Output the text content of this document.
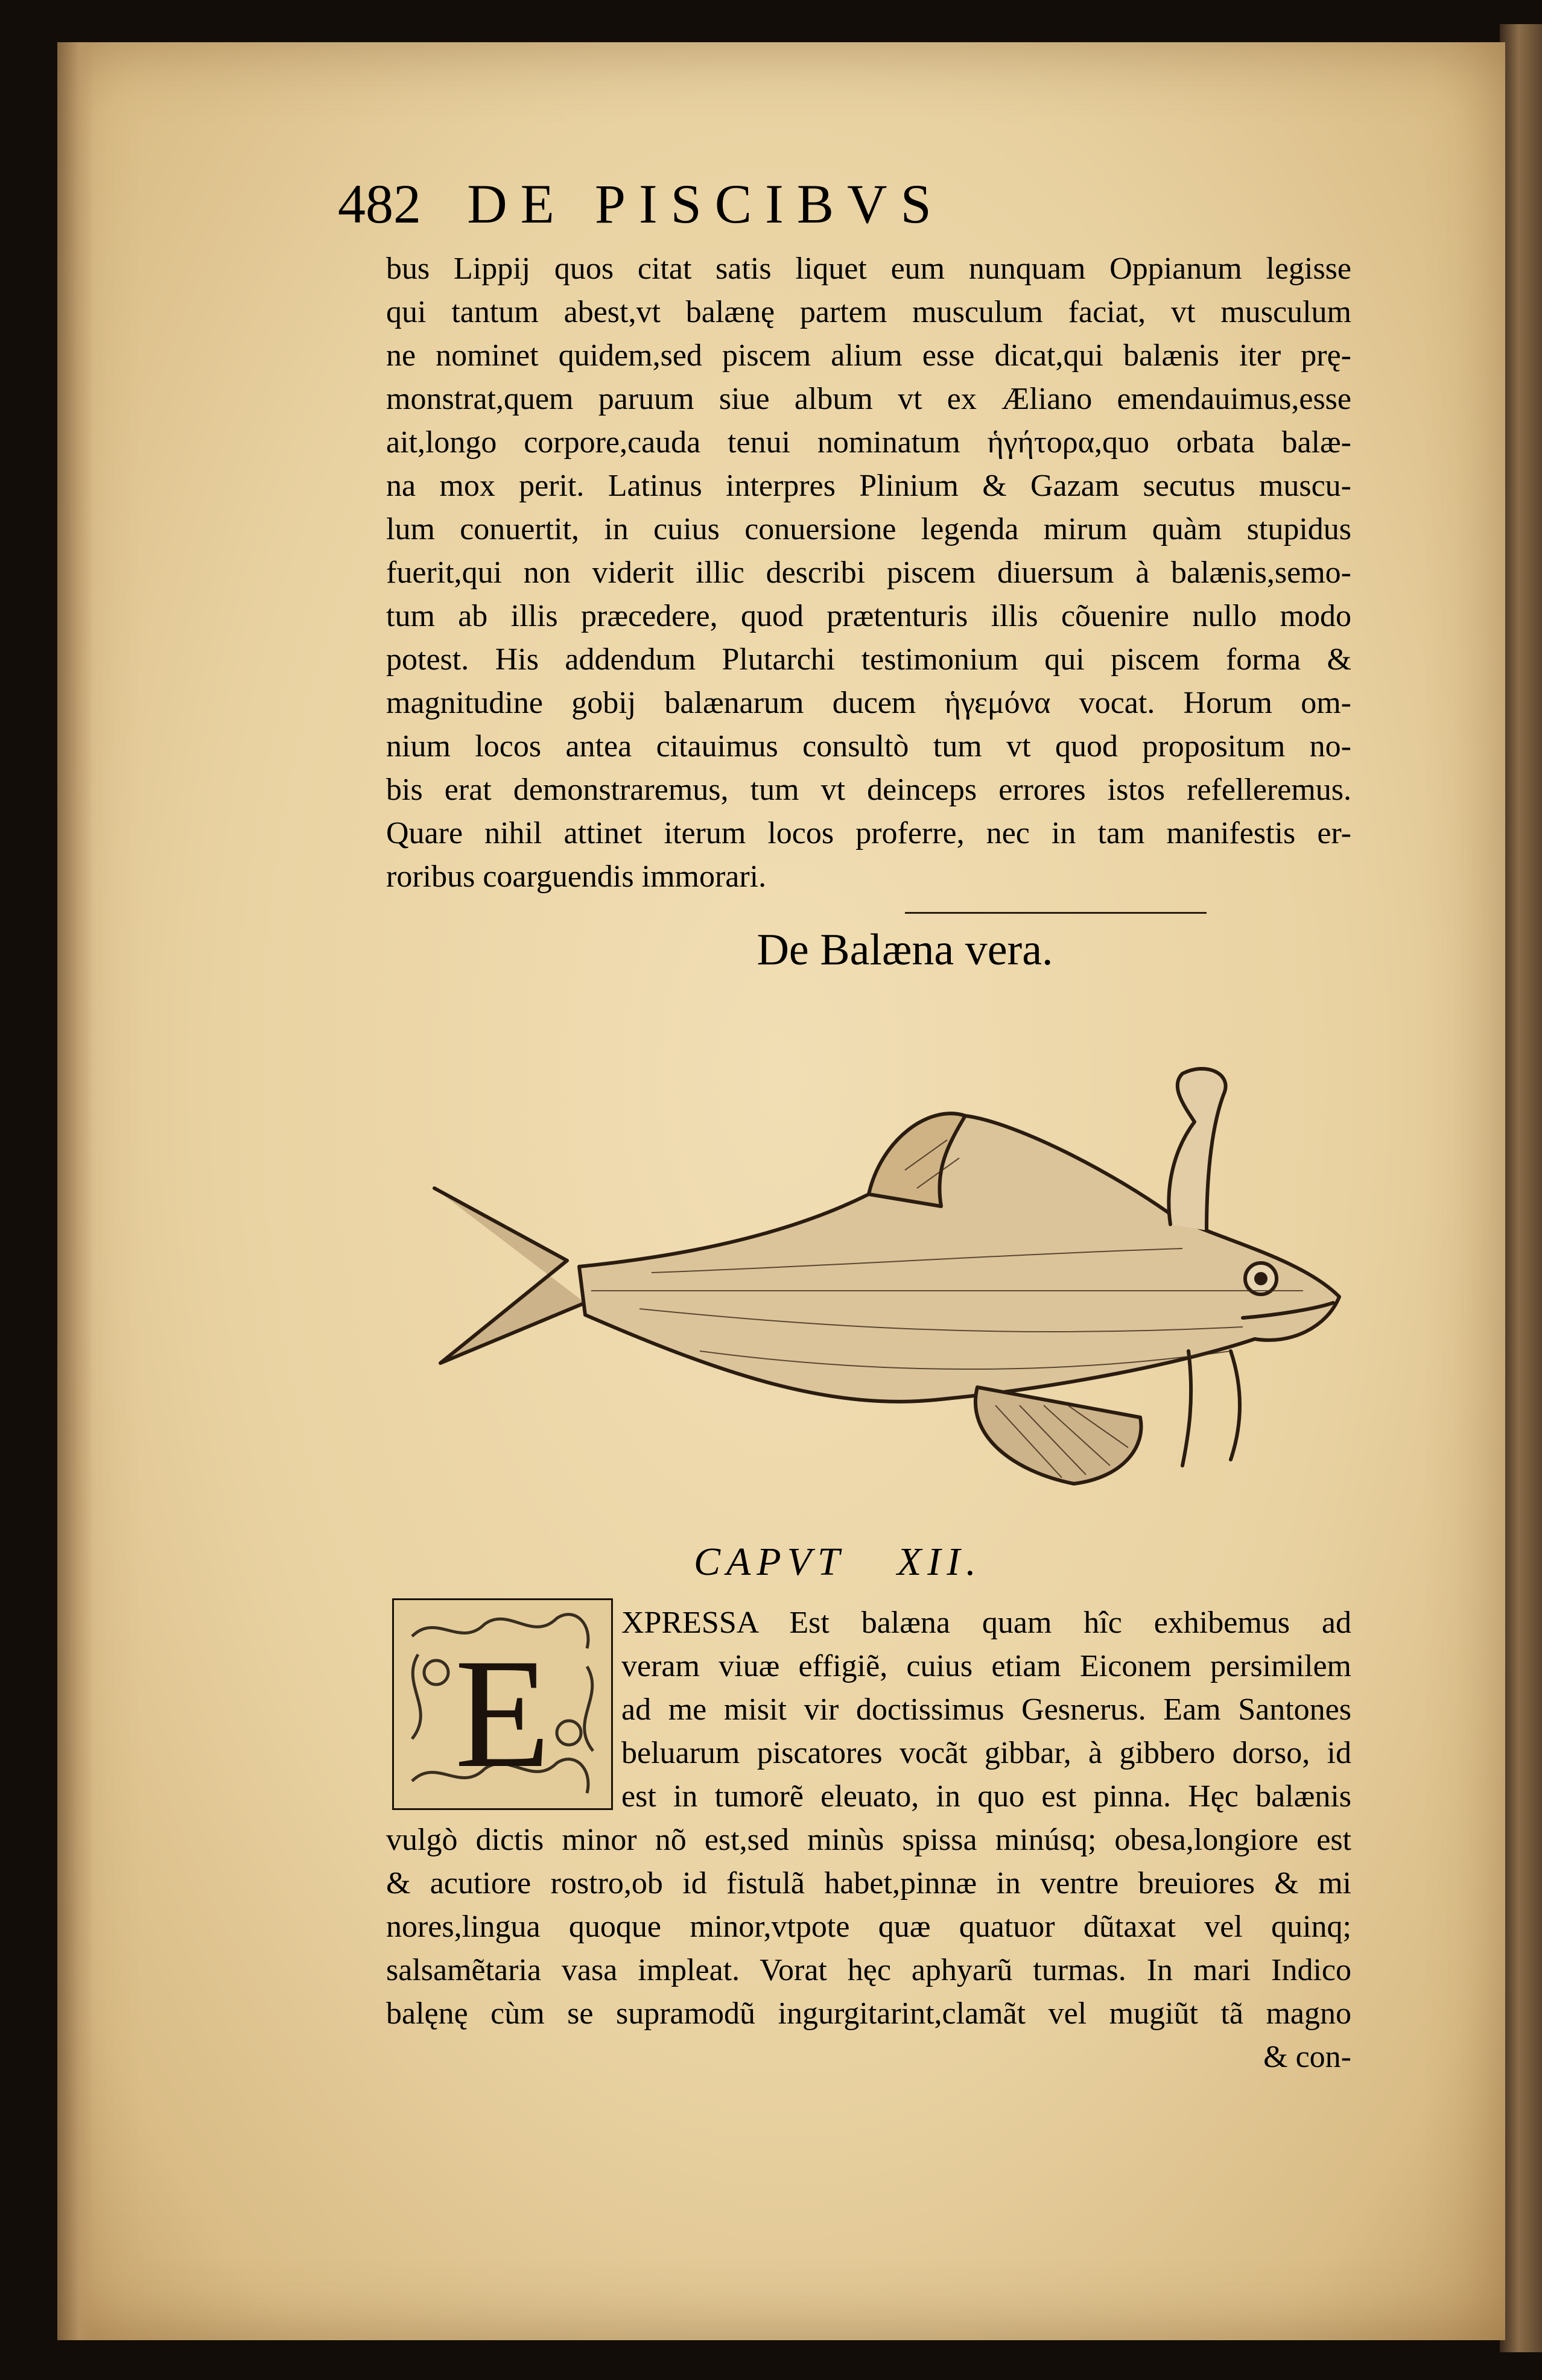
482 DE PISCIBVS
bus Lippij quos citat satis liquet eum nunquam Oppianum legisse
qui tantum abest,vt balænę partem musculum faciat, vt musculum
ne nominet quidem,sed piscem alium esse dicat,qui balænis iter prę-
monstrat,quem paruum siue album vt ex Æliano emendauimus,esse
ait,longo corpore,cauda tenui nominatum ἡγήτορα,quo orbata balæ-
na mox perit. Latinus interpres Plinium & Gazam secutus muscu-
lum conuertit, in cuius conuersione legenda mirum quàm stupidus
fuerit,qui non viderit illic describi piscem diuersum à balænis,semo-
tum ab illis præcedere, quod prætenturis illis cõuenire nullo modo
potest. His addendum Plutarchi testimonium qui piscem forma &
magnitudine gobij balænarum ducem ἡγεμόνα vocat. Horum om-
nium locos antea citauimus consultò tum vt quod propositum no-
bis erat demonstraremus, tum vt deinceps errores istos refelleremus.
Quare nihil attinet iterum locos proferre, nec in tam manifestis er-
roribus coarguendis immorari.
De Balæna vera.
CAPVT XII.
E
XPRESSA Est balæna quam hîc exhibemus ad
veram viuæ effigiẽ, cuius etiam Eiconem persimilem
ad me misit vir doctissimus Gesnerus. Eam Santones
beluarum piscatores vocãt gibbar, à gibbero dorso, id
est in tumorẽ eleuato, in quo est pinna. Hęc balænis
vulgò dictis minor nõ est,sed minùs spissa minúsq; obesa,longiore est
& acutiore rostro,ob id fistulã habet,pinnæ in ventre breuiores & mi
nores,lingua quoque minor,vtpote quæ quatuor dũtaxat vel quinq;
salsamẽtaria vasa impleat. Vorat hęc aphyarũ turmas. In mari Indico
balęnę cùm se supramodũ ingurgitarint,clamãt vel mugiũt tã magno
& con-
